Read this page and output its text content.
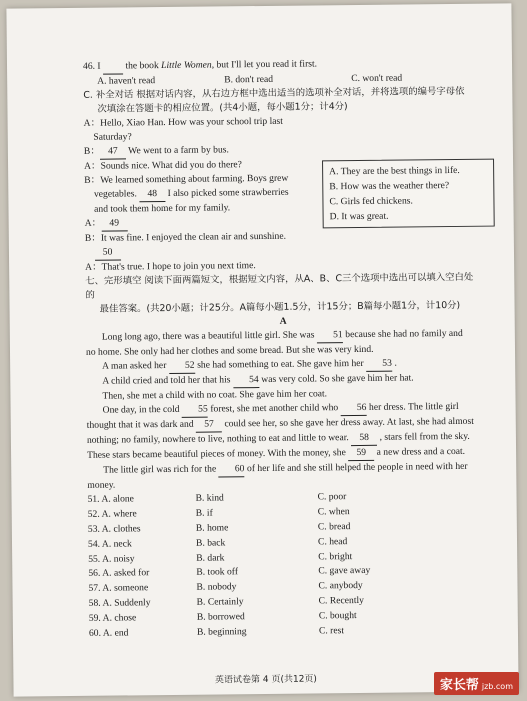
46. I	the book Little Women, but I'll let you read it first.
A. haven't read	B. don't read	C. won't read
C. 补全对话 根据对话内容，从右边方框中选出适当的选项补全对话，并将选项的编号字母依
次填涂在答题卡的相应位置。(共4小题，每小题1分；计4分)
A：Hello, Xiao Han. How was your school trip last
Saturday?
B： 47 We went to a farm by bus.
A：Sounds nice. What did you do there?
B：We learned something about farming. Boys grew
vegetables. 48 I also picked some strawberries
and took them home for my family.
A： 49
B：It was fine. I enjoyed the clean air and sunshine.
50
A：That's true. I hope to join you next time.
A. They are the best things in life.
B. How was the weather there?
C. Girls fed chickens.
D. It was great.
七、完形填空 阅读下面两篇短文，根据短文内容，从A、B、C三个选项中选出可以填入空白处的
最佳答案。(共20小题；计25分。A篇每小题1.5分，计15分；B篇每小题1分，计10分)
A
Long long ago, there was a beautiful little girl. She was 51 because she had no family and
no home. She only had her clothes and some bread. But she was very kind.
A man asked her 52 she had something to eat. She gave him her 53 .
A child cried and told her that his 54 was very cold. So she gave him her hat.
Then, she met a child with no coat. She gave him her coat.
One day, in the cold 55 forest, she met another child who 56 her dress. The little girl
thought that it was dark and 57 could see her, so she gave her dress away. At last, she had almost
nothing; no family, nowhere to live, nothing to eat and little to wear. 58 , stars fell from the sky.
These stars became beautiful pieces of money. With the money, she 59 a new dress and a coat.
The little girl was rich for the 60 of her life and she still helped the people in need with her
money.
51. A. alone	B. kind	C. poor
52. A. where	B. if	C. when
53. A. clothes	B. home	C. bread
54. A. neck	B. back	C. head
55. A. noisy	B. dark	C. bright
56. A. asked for	B. took off	C. gave away
57. A. someone	B. nobody	C. anybody
58. A. Suddenly	B. Certainly	C. Recently
59. A. chose	B. borrowed	C. bought
60. A. end	B. beginning	C. rest
英语试卷第 4 页(共12页)	家长帮 jzb.com
